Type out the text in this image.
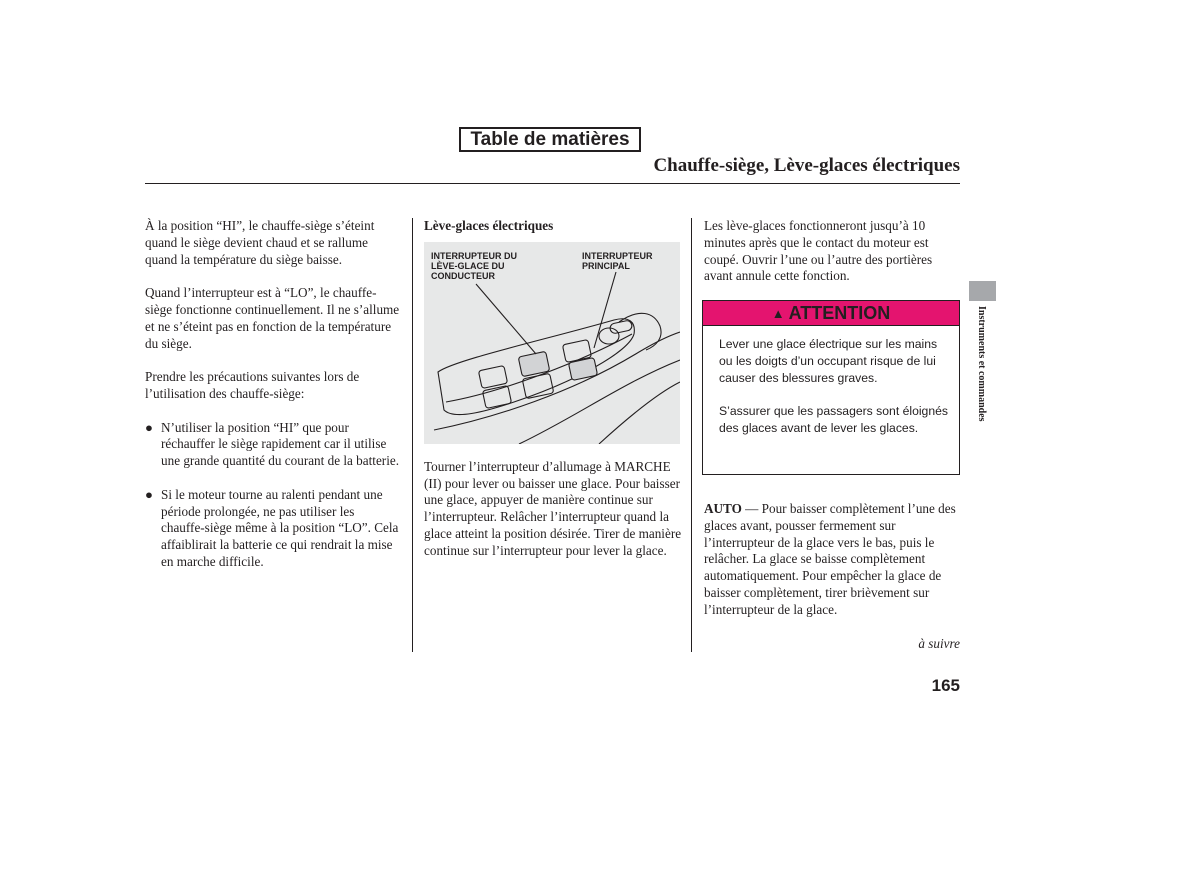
Table de matières
Chauffe-siège, Lève-glaces électriques

À la position “HI”, le chauffe-siège s’éteint quand le siège devient chaud et se rallume quand la température du siège baisse.

Quand l’interrupteur est à “LO”, le chauffe-siège fonctionne continuellement. Il ne s’allume et ne s’éteint pas en fonction de la température du siège.

Prendre les précautions suivantes lors de l’utilisation des chauffe-siège:

● N’utiliser la position “HI” que pour réchauffer le siège rapidement car il utilise une grande quantité du courant de la batterie.
● Si le moteur tourne au ralenti pendant une période prolongée, ne pas utiliser les chauffe-siège même à la position “LO”. Cela affaiblirait la batterie ce qui rendrait la mise en marche difficile.
Lève-glaces électriques
INTERRUPTEUR DU
LÈVE-GLACE DU
CONDUCTEUR
INTERRUPTEUR
PRINCIPAL

Tourner l’interrupteur d’allumage à MARCHE (II) pour lever ou baisser une glace. Pour baisser une glace, appuyer de manière continue sur l’interrupteur. Relâcher l’interrupteur quand la glace atteint la position désirée. Tirer de manière continue sur l’interrupteur pour lever la glace.

Les lève-glaces fonctionneront jusqu’à 10 minutes après que le contact du moteur est coupé. Ouvrir l’une ou l’autre des portières avant annule cette fonction.

▲ ATTENTION

Lever une glace électrique sur les mains ou les doigts d’un occupant risque de lui causer des blessures graves.

S’assurer que les passagers sont éloignés des glaces avant de lever les glaces.

AUTO — Pour baisser complètement l’une des glaces avant, pousser fermement sur l’interrupteur de la glace vers le bas, puis le relâcher. La glace se baisse complètement automatiquement. Pour empêcher la glace de baisser complètement, tirer brièvement sur l’interrupteur de la glace.

à suivre

165

Instruments et commandes
